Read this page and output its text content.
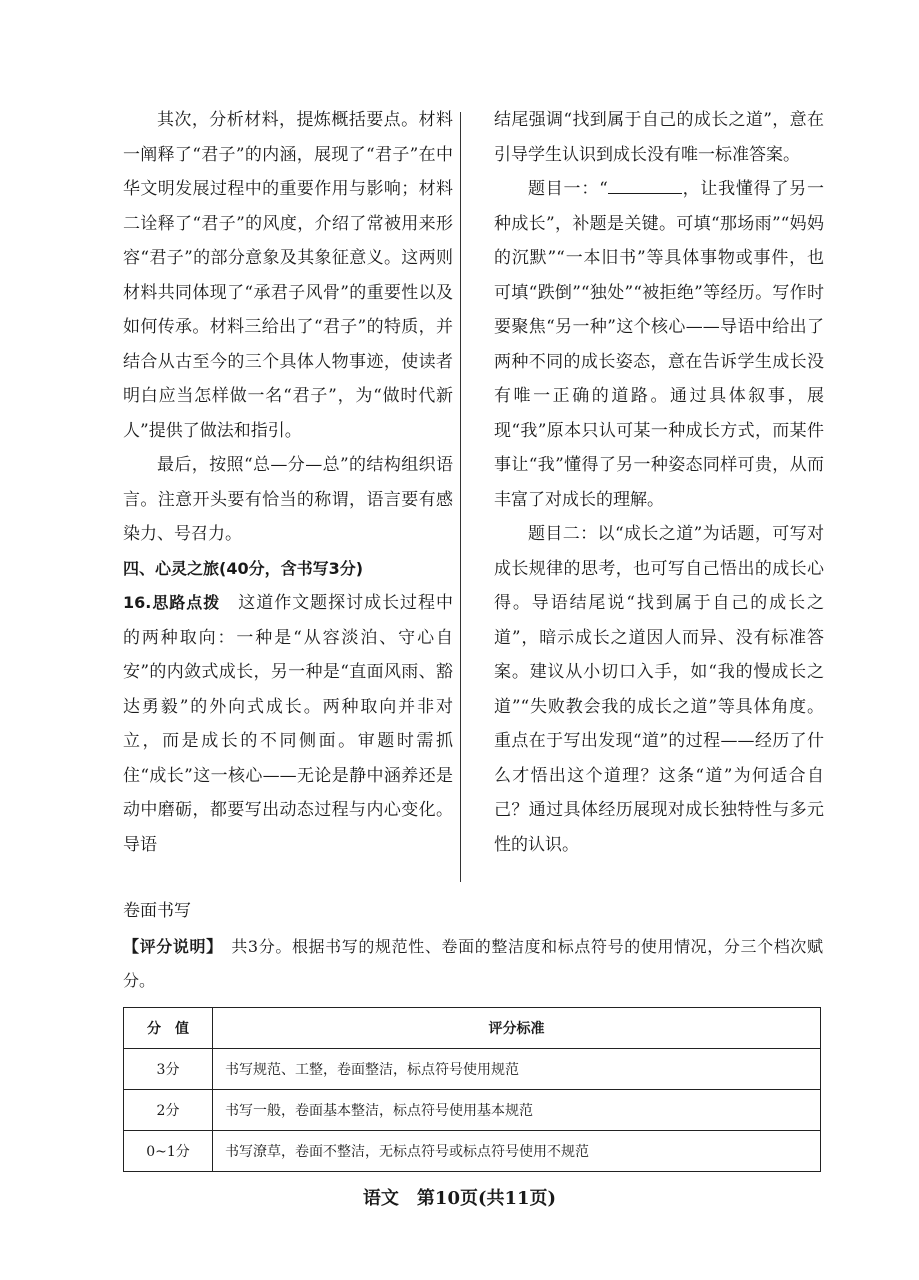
其次，分析材料，提炼概括要点。材料一阐释了“君子”的内涵，展现了“君子”在中华文明发展过程中的重要作用与影响；材料二诠释了“君子”的风度，介绍了常被用来形容“君子”的部分意象及其象征意义。这两则材料共同体现了“承君子风骨”的重要性以及如何传承。材料三给出了“君子”的特质，并结合从古至今的三个具体人物事迹，使读者明白应当怎样做一名“君子”，为“做时代新人”提供了做法和指引。

最后，按照“总—分—总”的结构组织语言。注意开头要有恰当的称谓，语言要有感染力、号召力。

四、心灵之旅(40分，含书写3分)

16.思路点拨　 这道作文题探讨成长过程中的两种取向：一种是“从容淡泊、守心自安”的内敛式成长，另一种是“直面风雨、豁达勇毅”的外向式成长。两种取向并非对立，而是成长的不同侧面。审题时需抓住“成长”这一核心——无论是静中涵养还是动中磨砺，都要写出动态过程与内心变化。导语

结尾强调“找到属于自己的成长之道”，意在引导学生认识到成长没有唯一标准答案。

题目一：“	，让我懂得了另一种成长”，补题是关键。可填“那场雨”“妈妈的沉默”“一本旧书”等具体事物或事件，也可填“跌倒”“独处”“被拒绝”等经历。写作时要聚焦“另一种”这个核心——导语中给出了两种不同的成长姿态，意在告诉学生成长没有唯一正确的道路。通过具体叙事，展现“我”原本只认可某一种成长方式，而某件事让“我”懂得了另一种姿态同样可贵，从而丰富了对成长的理解。

题目二：以“成长之道”为话题，可写对成长规律的思考，也可写自己悟出的成长心得。导语结尾说“找到属于自己的成长之道”，暗示成长之道因人而异、没有标准答案。建议从小切口入手，如“我的慢成长之道”“失败教会我的成长之道”等具体角度。重点在于写出发现“道”的过程——经历了什么才悟出这个道理？这条“道”为何适合自己？通过具体经历展现对成长独特性与多元性的认识。

卷面书写
【评分说明】　 共3分。根据书写的规范性、卷面的整洁度和标点符号的使用情况，分三个档次赋分。
分　值	评分标准
3分	书写规范、工整，卷面整洁，标点符号使用规范
2分	书写一般，卷面基本整洁，标点符号使用基本规范
0~1分	书写潦草，卷面不整洁，无标点符号或标点符号使用不规范
语文　第10页(共11页)
